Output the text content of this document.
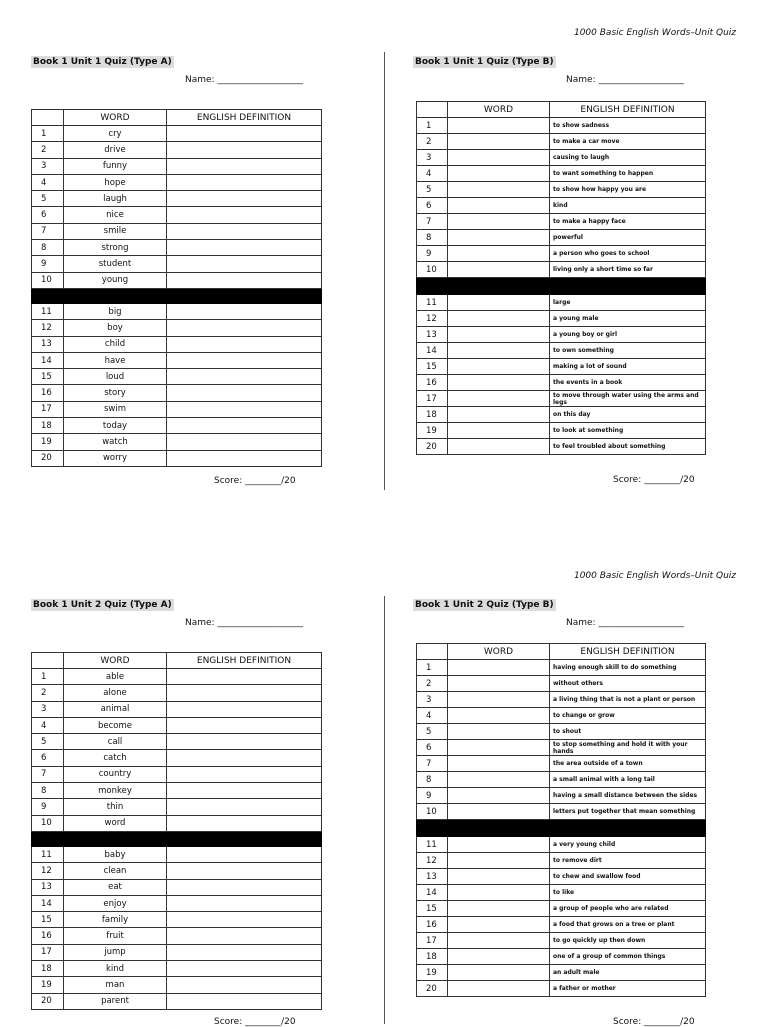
1000 Basic English Words–Unit Quiz
Book 1 Unit 1 Quiz (Type A)
Name: ___________________
	WORD	ENGLISH DEFINITION
1	cry	
2	drive	
3	funny	
4	hope	
5	laugh	
6	nice	
7	smile	
8	strong	
9	student	
10	young	

11	big	
12	boy	
13	child	
14	have	
15	loud	
16	story	
17	swim	
18	today	
19	watch	
20	worry	
Score: ________/20
Book 1 Unit 1 Quiz (Type B)
Name: ___________________
	WORD	ENGLISH DEFINITION
1		to show sadness
2		to make a car move
3		causing to laugh
4		to want something to happen
5		to show how happy you are
6		kind
7		to make a happy face
8		powerful
9		a person who goes to school
10		living only a short time so far

11		large
12		a young male
13		a young boy or girl
14		to own something
15		making a lot of sound
16		the events in a book
17		to move through water using the arms and legs
18		on this day
19		to look at something
20		to feel troubled about something
Score: ________/20
1000 Basic English Words–Unit Quiz
Book 1 Unit 2 Quiz (Type A)
Name: ___________________
	WORD	ENGLISH DEFINITION
1	able	
2	alone	
3	animal	
4	become	
5	call	
6	catch	
7	country	
8	monkey	
9	thin	
10	word	

11	baby	
12	clean	
13	eat	
14	enjoy	
15	family	
16	fruit	
17	jump	
18	kind	
19	man	
20	parent	
Score: ________/20
Book 1 Unit 2 Quiz (Type B)
Name: ___________________
	WORD	ENGLISH DEFINITION
1		having enough skill to do something
2		without others
3		a living thing that is not a plant or person
4		to change or grow
5		to shout
6		to stop something and hold it with your hands
7		the area outside of a town
8		a small animal with a long tail
9		having a small distance between the sides
10		letters put together that mean something

11		a very young child
12		to remove dirt
13		to chew and swallow food
14		to like
15		a group of people who are related
16		a food that grows on a tree or plant
17		to go quickly up then down
18		one of a group of common things
19		an adult male
20		a father or mother
Score: ________/20
